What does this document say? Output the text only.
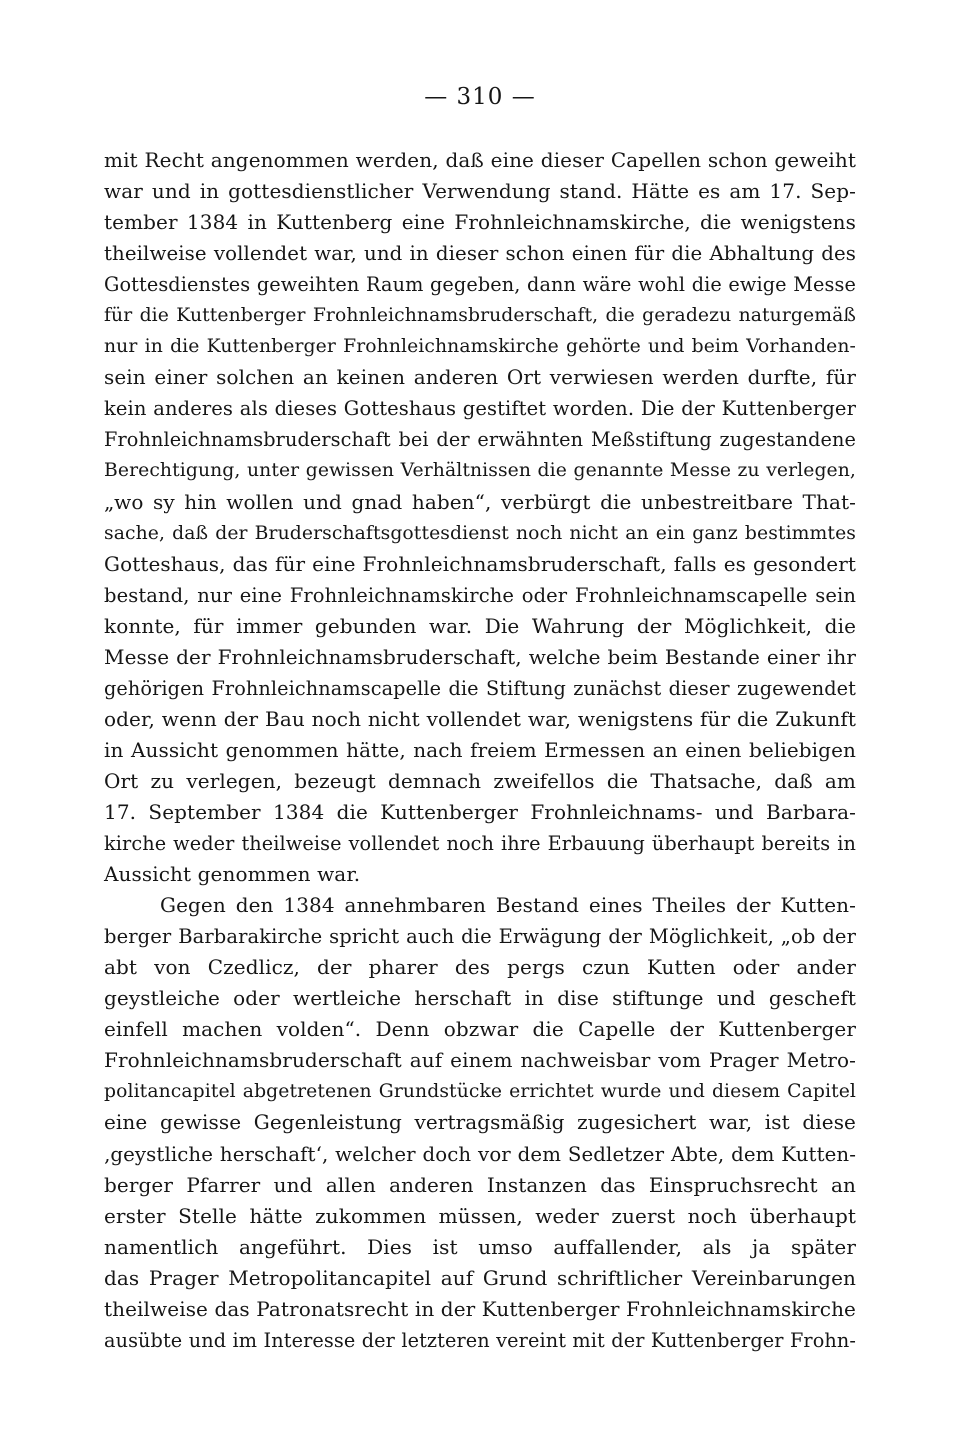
— 310 —
mit Recht angenommen werden, daß eine dieser Capellen schon geweiht
war und in gottesdienstlicher Verwendung stand. Hätte es am 17. Sep-
tember 1384 in Kuttenberg eine Frohnleichnamskirche, die wenigstens
theilweise vollendet war, und in dieser schon einen für die Abhaltung des
Gottesdienstes geweihten Raum gegeben, dann wäre wohl die ewige Messe
für die Kuttenberger Frohnleichnamsbruderschaft, die geradezu naturgemäß
nur in die Kuttenberger Frohnleichnamskirche gehörte und beim Vorhanden-
sein einer solchen an keinen anderen Ort verwiesen werden durfte, für
kein anderes als dieses Gotteshaus gestiftet worden. Die der Kuttenberger
Frohnleichnamsbruderschaft bei der erwähnten Meßstiftung zugestandene
Berechtigung, unter gewissen Verhältnissen die genannte Messe zu verlegen,
„wo sy hin wollen und gnad haben“, verbürgt die unbestreitbare That-
sache, daß der Bruderschaftsgottesdienst noch nicht an ein ganz bestimmtes
Gotteshaus, das für eine Frohnleichnamsbruderschaft, falls es gesondert
bestand, nur eine Frohnleichnamskirche oder Frohnleichnamscapelle sein
konnte, für immer gebunden war. Die Wahrung der Möglichkeit, die
Messe der Frohnleichnamsbruderschaft, welche beim Bestande einer ihr
gehörigen Frohnleichnamscapelle die Stiftung zunächst dieser zugewendet
oder, wenn der Bau noch nicht vollendet war, wenigstens für die Zukunft
in Aussicht genommen hätte, nach freiem Ermessen an einen beliebigen
Ort zu verlegen, bezeugt demnach zweifellos die Thatsache, daß am
17. September 1384 die Kuttenberger Frohnleichnams- und Barbara-
kirche weder theilweise vollendet noch ihre Erbauung überhaupt bereits in
Aussicht genommen war.
Gegen den 1384 annehmbaren Bestand eines Theiles der Kutten-
berger Barbarakirche spricht auch die Erwägung der Möglichkeit, „ob der
abt von Czedlicz, der pharer des pergs czun Kutten oder ander
geystleiche oder wertleiche herschaft in dise stiftunge und gescheft
einfell machen volden“. Denn obzwar die Capelle der Kuttenberger
Frohnleichnamsbruderschaft auf einem nachweisbar vom Prager Metro-
politancapitel abgetretenen Grundstücke errichtet wurde und diesem Capitel
eine gewisse Gegenleistung vertragsmäßig zugesichert war, ist diese
‚geystliche herschaft‘, welcher doch vor dem Sedletzer Abte, dem Kutten-
berger Pfarrer und allen anderen Instanzen das Einspruchsrecht an
erster Stelle hätte zukommen müssen, weder zuerst noch überhaupt
namentlich angeführt. Dies ist umso auffallender, als ja später
das Prager Metropolitancapitel auf Grund schriftlicher Vereinbarungen
theilweise das Patronatsrecht in der Kuttenberger Frohnleichnamskirche
ausübte und im Interesse der letzteren vereint mit der Kuttenberger Frohn-
